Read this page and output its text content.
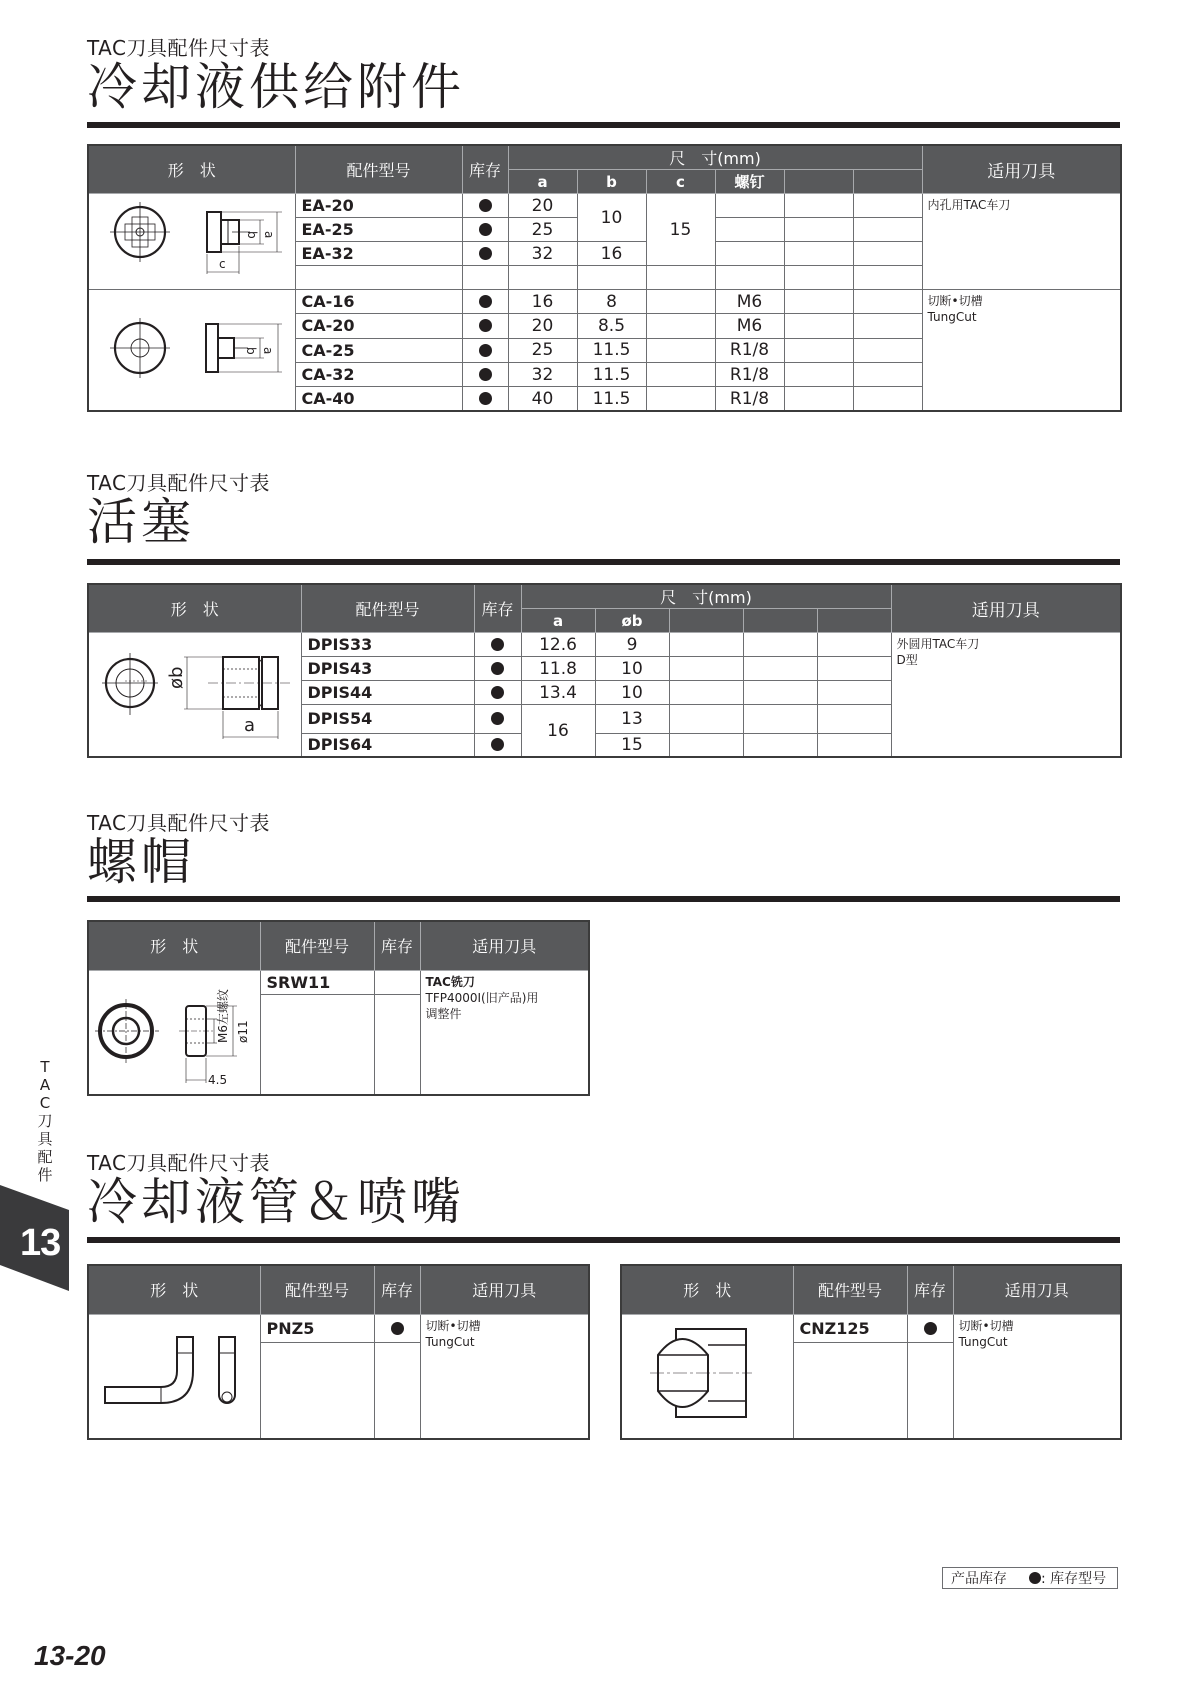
TAC刀具配件尺寸表
冷却液供给附件
形　状	配件型号	库存	尺　寸(mm)						适用刀具
			a	b	c	螺钉			

b a
c	EA-20		20	10	15				内孔用TAC车刀
	EA-25		25						
	EA-32		32	16					

b a
	CA-16		16	8		M6			切断•切槽
TungCut

	CA-20		20	8.5		M6			
	CA-25		25	11.5		R1/8			
	CA-32		32	11.5		R1/8			
	CA-40		40	11.5		R1/8			
TAC刀具配件尺寸表
活塞
形　状	配件型号	库存	尺　寸(mm)					适用刀具
			a	øb				

øb
a
	DPIS33		12.6	9				外圆用TAC车刀
D型

	DPIS43		11.8	10				
	DPIS44		13.4	10				
	DPIS54		16	13				
	DPIS64			15				
TAC刀具配件尺寸表
螺帽
形　状	配件型号	库存	适用刀具

M6左螺纹 ø11
4.5
	SRW11		TAC铣刀
TFP4000I(旧产品)用
调整件

TAC刀具配件尺寸表
冷却液管＆喷嘴
形　状	配件型号	库存	适用刀具
	PNZ5		切断•切槽
TungCut

形　状	配件型号	库存	适用刀具
	CNZ125		切断•切槽
TungCut

T
A
C
刀
具
配
件
13
产品库存 : 库存型号
13-20
